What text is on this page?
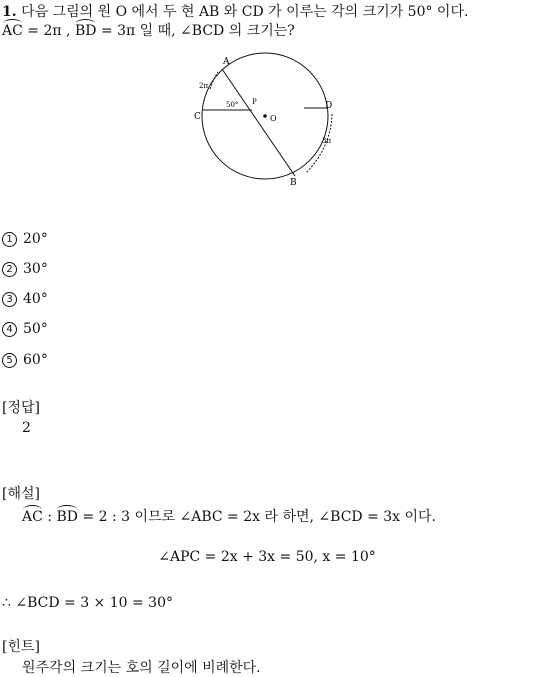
1. 다음 그림의 원 O 에서 두 현 AB 와 CD 가 이루는 각의 크기가 50° 이다.
AC = 2π , BD = 3π 일 때, ∠BCD 의 크기는?
A
B
C
D
P
O
50°
2π
3π
1 20°
2 30°
3 40°
4 50°
5 60°
[정답]
2
[해설]
AC : BD = 2 : 3 이므로 ∠ABC = 2x 라 하면, ∠BCD = 3x 이다.
∠APC = 2x + 3x = 50, x = 10°
∴ ∠BCD = 3 × 10 = 30°
[힌트]
원주각의 크기는 호의 길이에 비례한다.
